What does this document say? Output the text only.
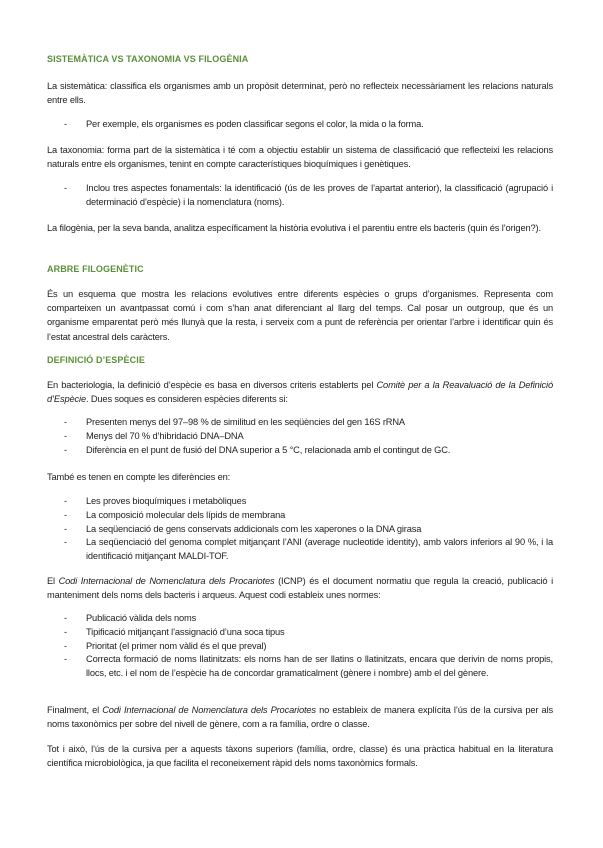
SISTEMÀTICA VS TAXONOMIA VS FILOGÈNIA
La sistemàtica: classifica els organismes amb un propòsit determinat, però no reflecteix necessàriament les relacions naturals entre ells.
- Per exemple, els organismes es poden classificar segons el color, la mida o la forma.
La taxonomia: forma part de la sistemàtica i té com a objectiu establir un sistema de classificació que reflecteixi les relacions naturals entre els organismes, tenint en compte característiques bioquímiques i genètiques.
- Inclou tres aspectes fonamentals: la identificació (ús de les proves de l’apartat anterior), la classificació (agrupació i determinació d’espècie) i la nomenclatura (noms).
La filogènia, per la seva banda, analitza específicament la història evolutiva i el parentiu entre els bacteris (quin és l’origen?).
ARBRE FILOGENÈTIC
És un esquema que mostra les relacions evolutives entre diferents espècies o grups d’organismes. Representa com comparteixen un avantpassat comú i com s’han anat diferenciant al llarg del temps. Cal posar un outgroup, que és un organisme emparentat però més llunyà que la resta, i serveix com a punt de referència per orientar l’arbre i identificar quin és l’estat ancestral dels caràcters.
DEFINICIÓ D’ESPÈCIE
En bacteriologia, la definició d’espècie es basa en diversos criteris establerts pel Comitè per a la Reavaluació de la Definició d’Espècie. Dues soques es consideren espècies diferents si:
- Presenten menys del 97–98 % de similitud en les seqüències del gen 16S rRNA
- Menys del 70 % d’hibridació DNA–DNA
- Diferència en el punt de fusió del DNA superior a 5 °C, relacionada amb el contingut de GC.
També es tenen en compte les diferències en:
- Les proves bioquímiques i metabòliques
- La composició molecular dels lípids de membrana
- La seqüenciació de gens conservats addicionals com les xaperones o la DNA girasa
- La seqüenciació del genoma complet mitjançant l’ANI (average nucleotide identity), amb valors inferiors al 90 %, i la identificació mitjançant MALDI-TOF.
El Codi Internacional de Nomenclatura dels Procariotes (ICNP) és el document normatiu que regula la creació, publicació i manteniment dels noms dels bacteris i arqueus. Aquest codi estableix unes normes:
- Publicació vàlida dels noms
- Tipificació mitjançant l’assignació d’una soca tipus
- Prioritat (el primer nom vàlid és el que preval)
- Correcta formació de noms llatinitzats: els noms han de ser llatins o llatinitzats, encara que derivin de noms propis, llocs, etc. i el nom de l’espècie ha de concordar gramaticalment (gènere i nombre) amb el del gènere.
Finalment, el Codi Internacional de Nomenclatura dels Procariotes no estableix de manera explícita l’ús de la cursiva per als noms taxonòmics per sobre del nivell de gènere, com a ra família, ordre o classe.
Tot i això, l’ús de la cursiva per a aquests tàxons superiors (família, ordre, classe) és una pràctica habitual en la literatura científica microbiològica, ja que facilita el reconeixement ràpid dels noms taxonòmics formals.
